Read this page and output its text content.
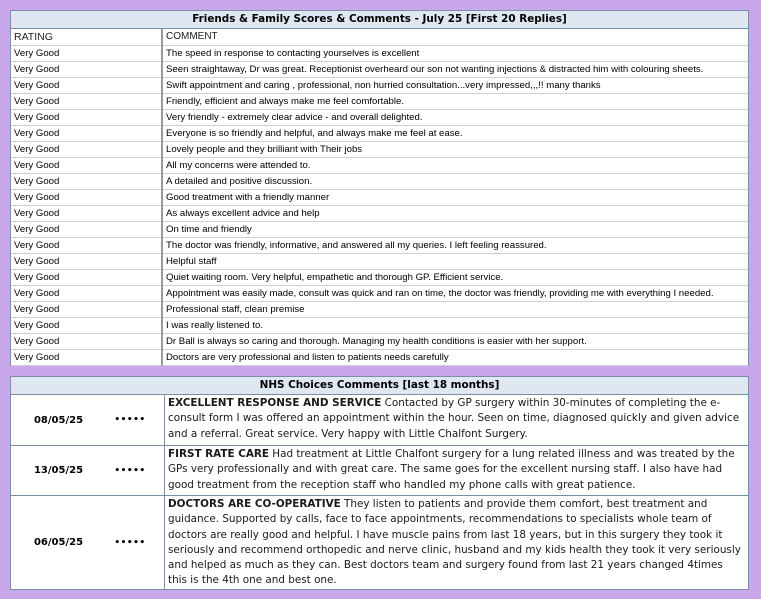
Friends & Family Scores & Comments - July 25 [First 20 Replies]
RATING	COMMENT
Very Good	The speed in response to contacting yourselves is excellent
Very Good	Seen straightaway, Dr was great. Receptionist overheard our son not wanting injections & distracted him with colouring sheets.
Very Good	Swift appointment and caring , professional, non hurried consultation...very impressed,,,!! many thanks
Very Good	Friendly, efficient and always make me feel comfortable.
Very Good	Very friendly - extremely clear advice - and overall delighted.
Very Good	Everyone is so friendly and helpful, and always make me feel at ease.
Very Good	Lovely people and they brilliant with Their jobs
Very Good	All my concerns were attended to.
Very Good	A detailed and positive discussion.
Very Good	Good treatment with a friendly manner
Very Good	As always excellent advice and help
Very Good	On time and friendly
Very Good	The doctor was friendly, informative, and answered all my queries. I left feeling reassured.
Very Good	Helpful staff
Very Good	Quiet waiting room. Very helpful, empathetic and thorough GP. Efficient service.
Very Good	Appointment was easily made, consult was quick and ran on time, the doctor was friendly, providing me with everything I needed.
Very Good	Professional staff, clean premise
Very Good	I was really listened to.
Very Good	Dr Ball is always so caring and thorough. Managing my health conditions is easier with her support.
Very Good	Doctors are very professional and listen to patients needs carefully
NHS Choices Comments [last 18 months]
08/05/25	•••••
EXCELLENT RESPONSE AND SERVICE Contacted by GP surgery within 30-minutes of completing the e-consult form I was offered an appointment within the hour. Seen on time, diagnosed quickly and given advice and a referral. Great service. Very happy with Little Chalfont Surgery.
13/05/25	•••••
FIRST RATE CARE Had treatment at Little Chalfont surgery for a lung related illness and was treated by the GPs very professionally and with great care. The same goes for the excellent nursing staff. I also have had good treatment from the reception staff who handled my phone calls with great patience.
06/05/25	•••••
DOCTORS ARE CO-OPERATIVE They listen to patients and provide them comfort, best treatment and guidance. Supported by calls, face to face appointments, recommendations to specialists whole team of doctors are really good and helpful. I have muscle pains from last 18 years, but in this surgery they took it seriously and recommend orthopedic and nerve clinic, husband and my kids health they took it very seriously and helped as much as they can. Best doctors team and surgery found from last 21 years changed 4times this is the 4th one and best one.
